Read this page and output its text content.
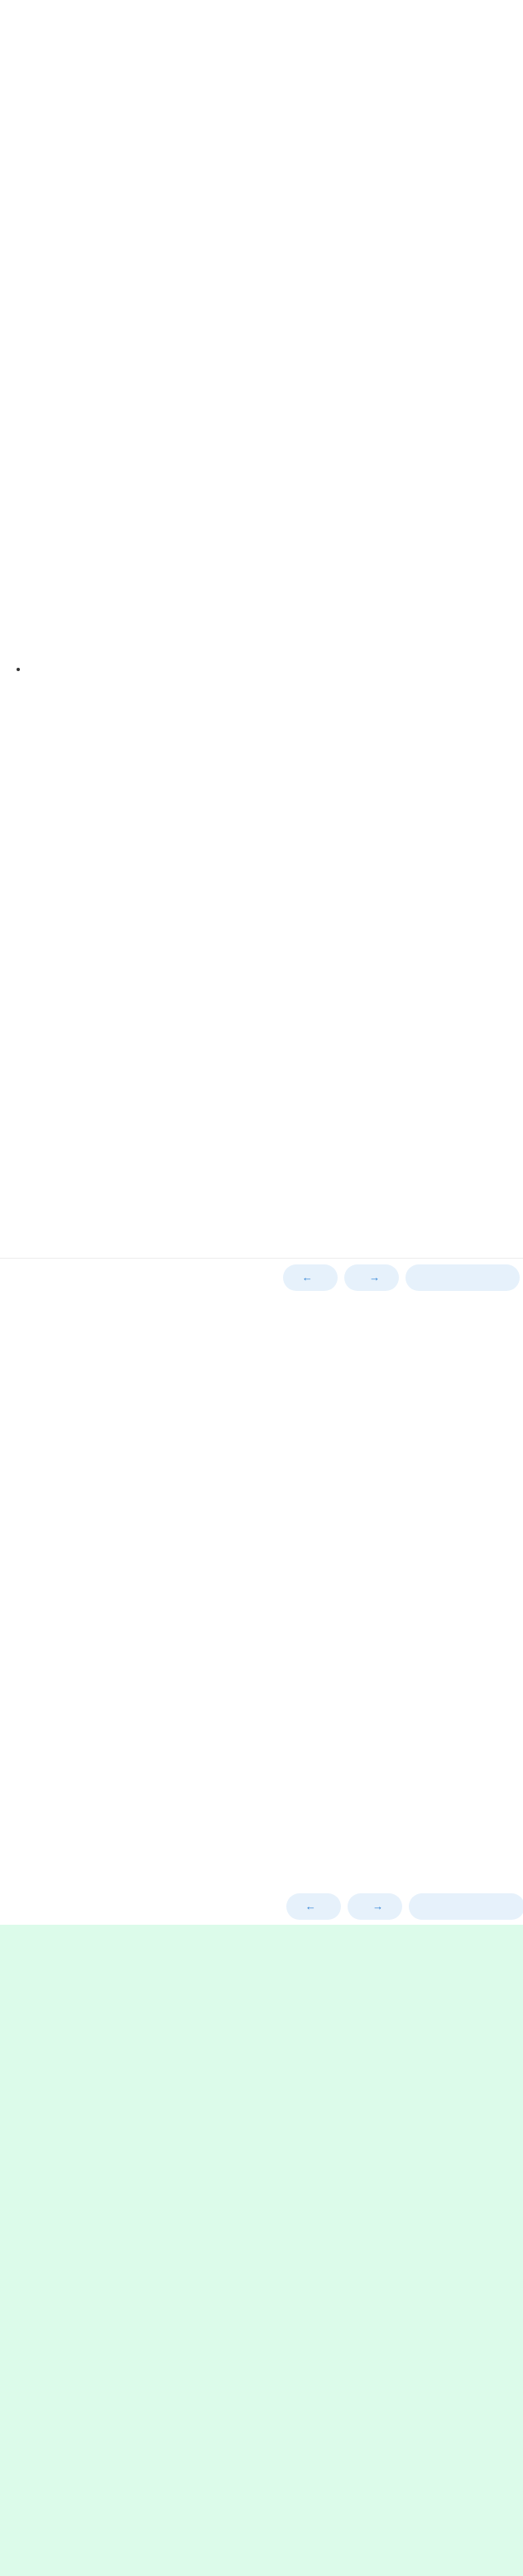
←	→
←	→
